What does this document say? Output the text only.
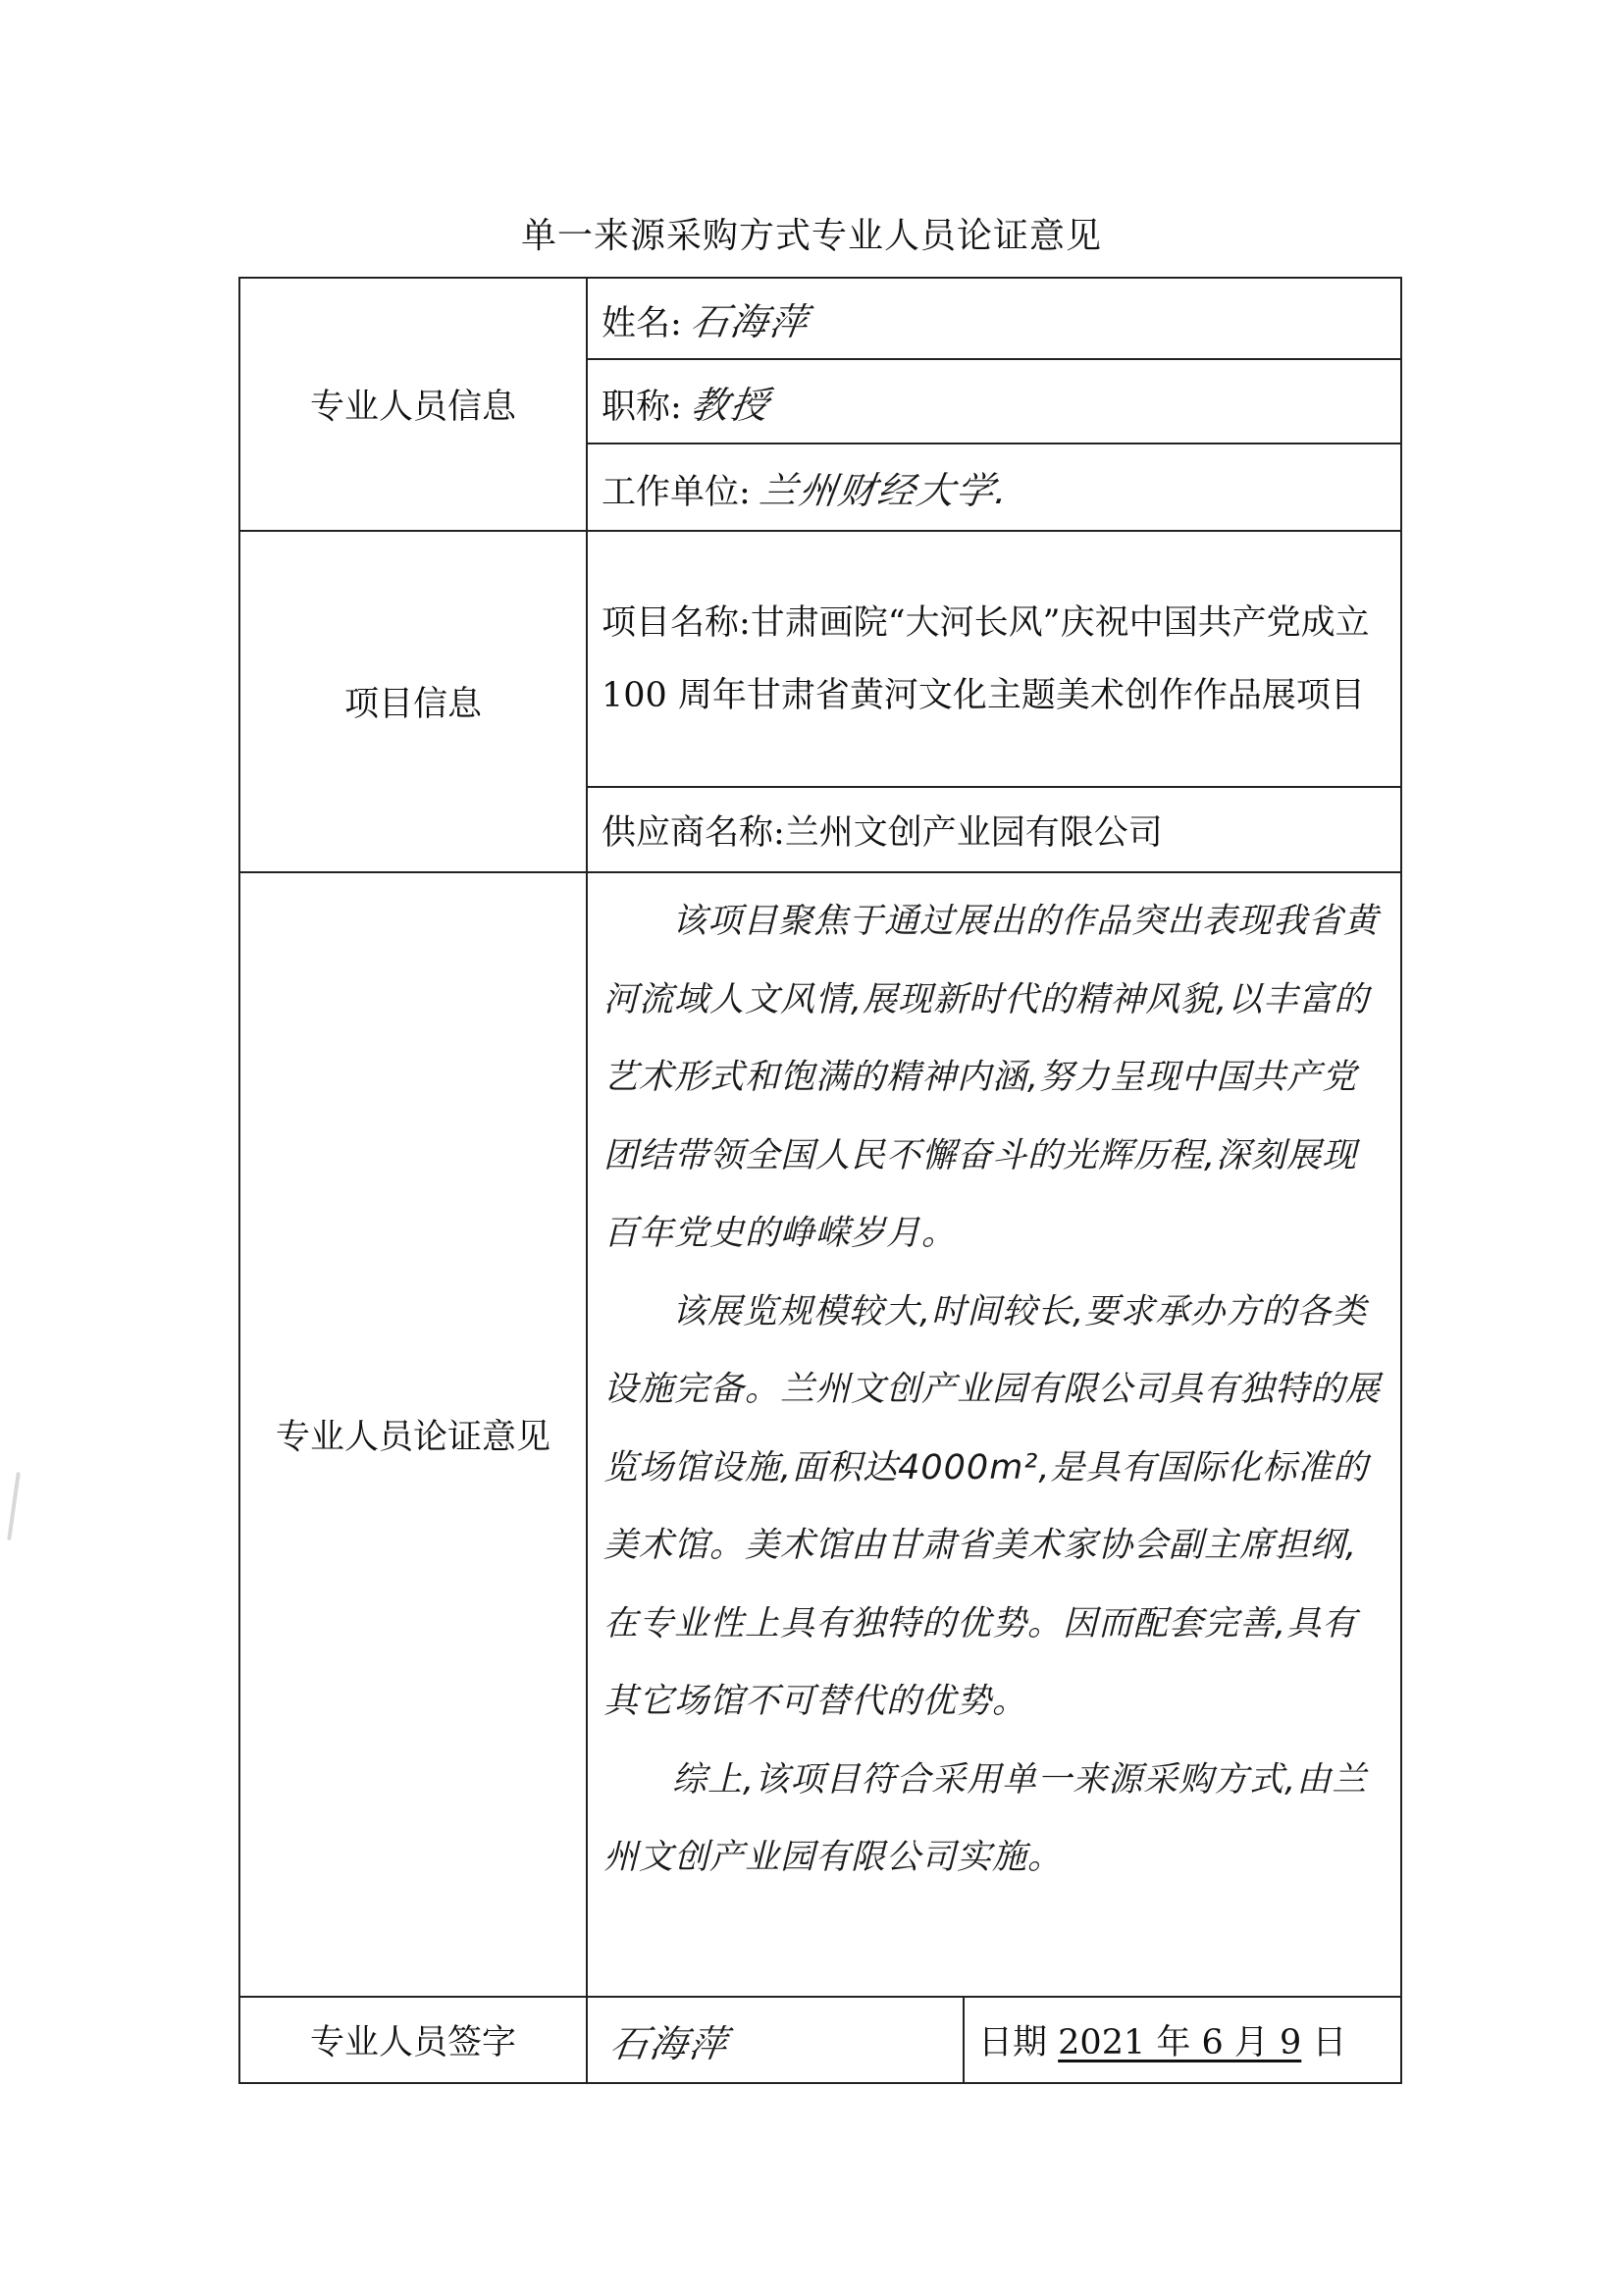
单一来源采购方式专业人员论证意见
专业人员信息	姓名: 石海萍	
	职称: 教授	
	工作单位: 兰州财经大学.	
项目信息	项目名称:甘肃画院“大河长风”庆祝中国共产党成立 100 周年甘肃省黄河文化主题美术创作作品展项目	
	供应商名称:兰州文创产业园有限公司	
专业人员论证意见	该项目聚焦于通过展出的作品突出表现我省黄河流域人文风情,展现新时代的精神风貌,以丰富的艺术形式和饱满的精神内涵,努力呈现中国共产党团结带领全国人民不懈奋斗的光辉历程,深刻展现百年党史的峥嵘岁月。

该展览规模较大,时间较长,要求承办方的各类设施完备。兰州文创产业园有限公司具有独特的展览场馆设施,面积达4000m²,是具有国际化标准的美术馆。美术馆由甘肃省美术家协会副主席担纲,在专业性上具有独特的优势。因而配套完善,具有其它场馆不可替代的优势。

综上,该项目符合采用单一来源采购方式,由兰州文创产业园有限公司实施。	

专业人员签字	石海萍	日期 2021 年 6 月 9 日
